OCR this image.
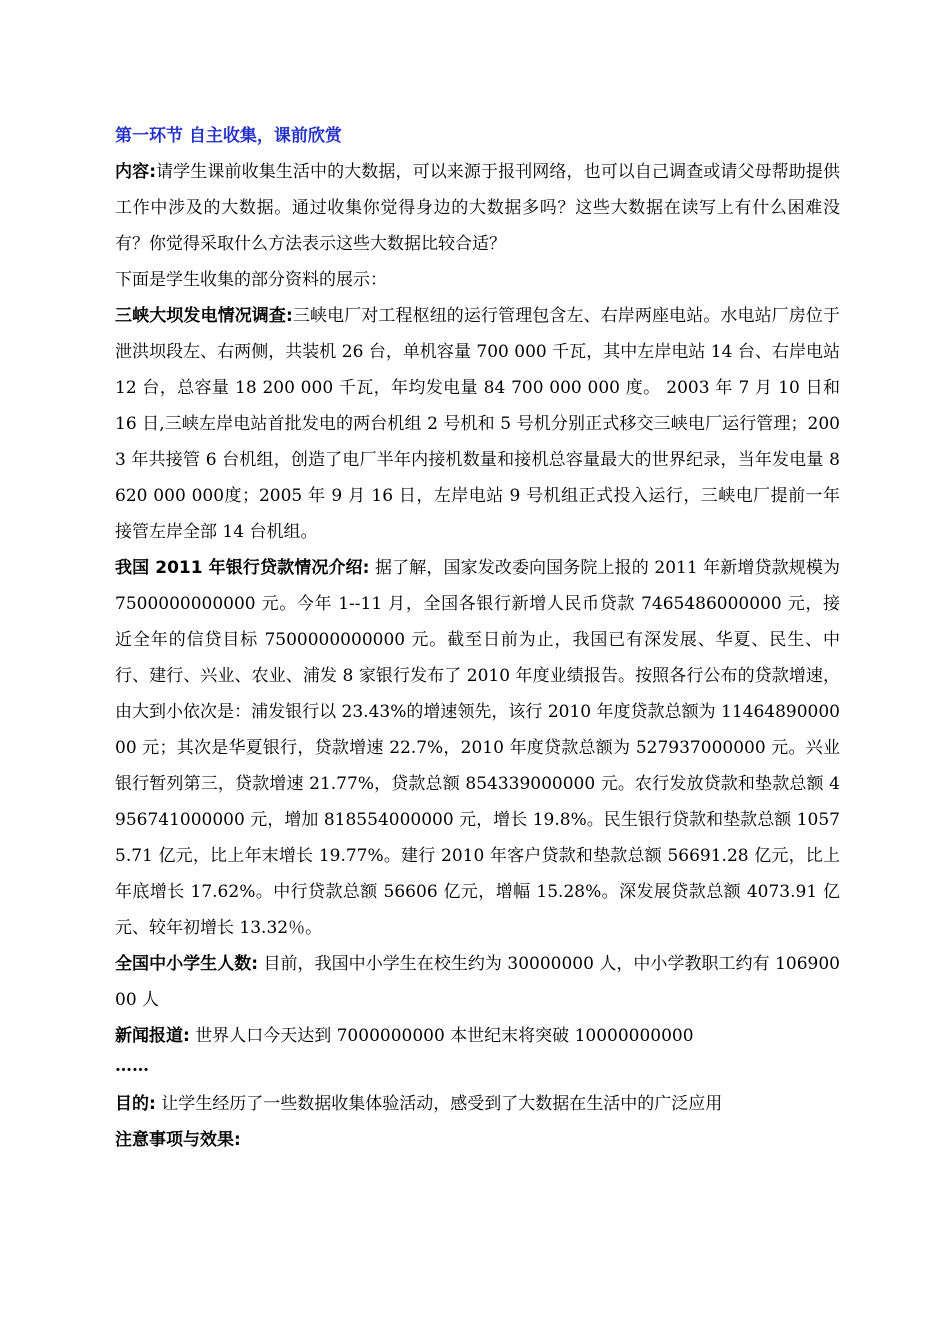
第一环节 自主收集，课前欣赏

内容:请学生课前收集生活中的大数据，可以来源于报刊网络，也可以自己调查或请父母帮助提供工作中涉及的大数据。通过收集你觉得身边的大数据多吗？这些大数据在读写上有什么困难没有？你觉得采取什么方法表示这些大数据比较合适？

下面是学生收集的部分资料的展示：

三峡大坝发电情况调查:三峡电厂对工程枢纽的运行管理包含左、右岸两座电站。水电站厂房位于泄洪坝段左、右两侧，共装机 26 台，单机容量 700 000 千瓦，其中左岸电站 14 台、右岸电站 12 台，总容量 18 200 000 千瓦，年均发电量 84 700 000 000 度。 2003 年 7 月 10 日和 16 日,三峡左岸电站首批发电的两台机组 2 号机和 5 号机分别正式移交三峡电厂运行管理；2003 年共接管 6 台机组，创造了电厂半年内接机数量和接机总容量最大的世界纪录，当年发电量 8 620 000 000度；2005 年 9 月 16 日，左岸电站 9 号机组正式投入运行，三峡电厂提前一年接管左岸全部 14 台机组。

我国 2011 年银行贷款情况介绍: 据了解，国家发改委向国务院上报的 2011 年新增贷款规模为 7500000000000 元。今年 1--11 月，全国各银行新增人民币贷款 7465486000000 元，接近全年的信贷目标 7500000000000 元。截至日前为止，我国已有深发展、华夏、民生、中行、建行、兴业、农业、浦发 8 家银行发布了 2010 年度业绩报告。按照各行公布的贷款增速，由大到小依次是：浦发银行以 23.43%的增速领先，该行 2010 年度贷款总额为 1146489000000 元；其次是华夏银行，贷款增速 22.7%，2010 年度贷款总额为 527937000000 元。兴业银行暂列第三，贷款增速 21.77%，贷款总额 854339000000 元。农行发放贷款和垫款总额 4956741000000 元，增加 818554000000 元，增长 19.8%。民生银行贷款和垫款总额 10575.71 亿元，比上年末增长 19.77%。建行 2010 年客户贷款和垫款总额 56691.28 亿元，比上年底增长 17.62%。中行贷款总额 56606 亿元，增幅 15.28%。深发展贷款总额 4073.91 亿元、较年初增长 13.32％。

全国中小学生人数: 目前，我国中小学生在校生约为 30000000 人，中小学教职工约有 10690000 人

新闻报道: 世界人口今天达到 7000000000 本世纪末将突破 10000000000

……

目的: 让学生经历了一些数据收集体验活动，感受到了大数据在生活中的广泛应用

注意事项与效果:
